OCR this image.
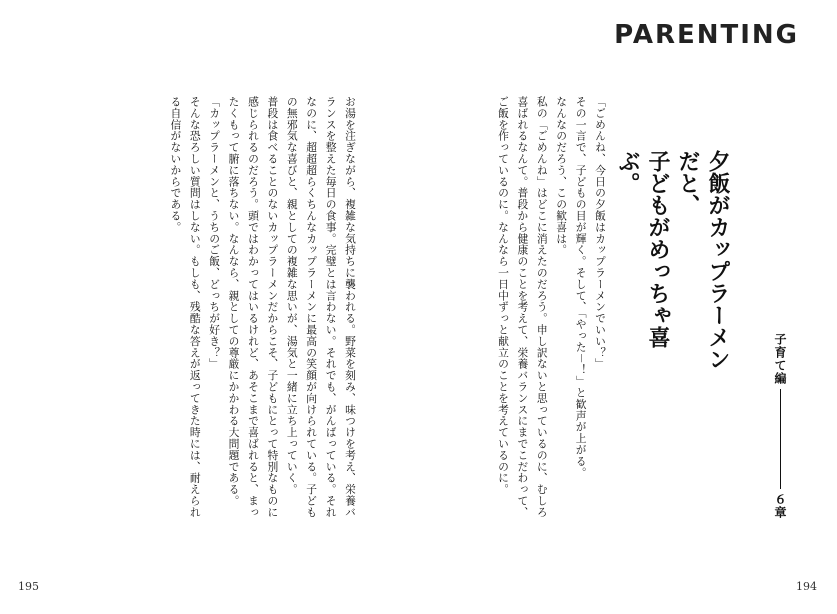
PARENTING
夕飯がカップラーメンだと、
子どもがめっちゃ喜ぶ。
子育て編
６章

「ごめんね、今日の夕飯はカップラーメンでいい？」

その一言で、子どもの目が輝く。そして、「やった－！」と歓声が上がる。

なんなのだろう、この歓喜は。

私の「ごめんね」はどこに消えたのだろう。申し訳ないと思っているのに、むしろ喜ばれるなんて。普段から健康のことを考えて、栄養バランスにまでこだわって、ご飯を作っているのに。なんなら一日中ずっと献立のことを考えているのに。

お湯を注ぎながら、複雑な気持ちに襲われる。野菜を刻み、味つけを考え、栄養バランスを整えた毎日の食事。完璧とは言わない。それでも、がんばっている。それなのに、超超超らくちんなカップラーメンに最高の笑顔が向けられている。子どもの無邪気な喜びと、親としての複雑な思いが、湯気と一緒に立ち上っていく。

普段は食べることのないカップラーメンだからこそ、子どもにとって特別なものに感じられるのだろう。頭ではわかってはいるけれど、あそこまで喜ばれると、まったくもって腑に落ちない。なんなら、親としての尊厳にかかわる大問題である。

「カップラーメンと、うちのご飯、どっちが好き？」

そんな恐ろしい質問はしない。もしも、残酷な答えが返ってきた時には、耐えられる自信がないからである。

195	194
